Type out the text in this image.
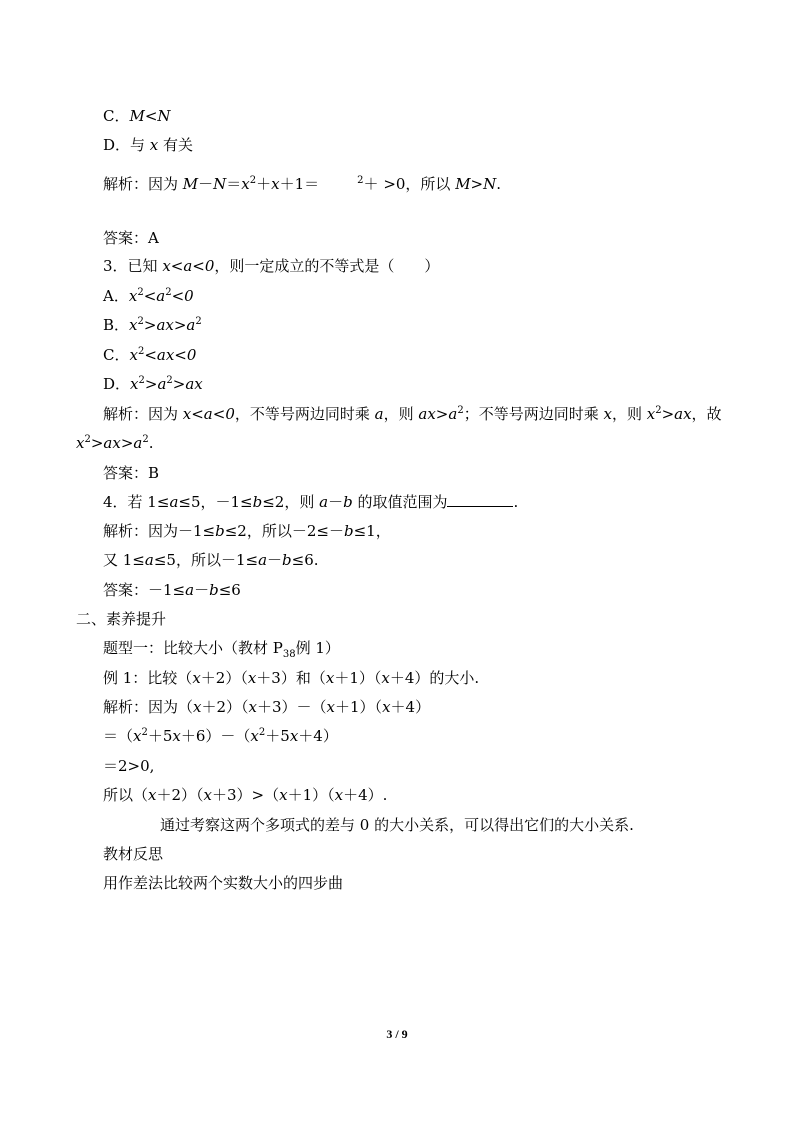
C．M<N
D．与 x 有关
解析：因为 $M-N=x^2+x+1=$	$^2$＋ >0，所以 M>N.
答案：A
3．已知 x<a<0，则一定成立的不等式是（　　）
A．$x^2<a^2<0$
B．$x^2>ax>a^2$
C．$x^2<ax<0$
D．$x^2>a^2>ax$
解析：因为 x<a<0，不等号两边同时乘 a，则 $ax>a^2$；不等号两边同时乘 x，则 $x^2>ax$，故
$x^2>ax>a^2$.
答案：B
4．若 1≤a≤5，－1≤b≤2，则 a－b 的取值范围为	.
解析：因为－1≤b≤2，所以－2≤－b≤1，
又 1≤a≤5，所以－1≤a－b≤6.
答案：－1≤a－b≤6
二、素养提升
题型一：比较大小（教材 $P_{38}$例 1）
例 1：比较（x＋2）（x＋3）和（x＋1）（x＋4）的大小.
解析：因为（x＋2）（x＋3）－（x＋1）（x＋4）
$=(x^2+5x+6)-(x^2+5x+4)$
＝2>0,
所以（x＋2）（x＋3）>（x＋1）（x＋4）.
通过考察这两个多项式的差与 0 的大小关系，可以得出它们的大小关系.
教材反思
用作差法比较两个实数大小的四步曲
3 / 9
